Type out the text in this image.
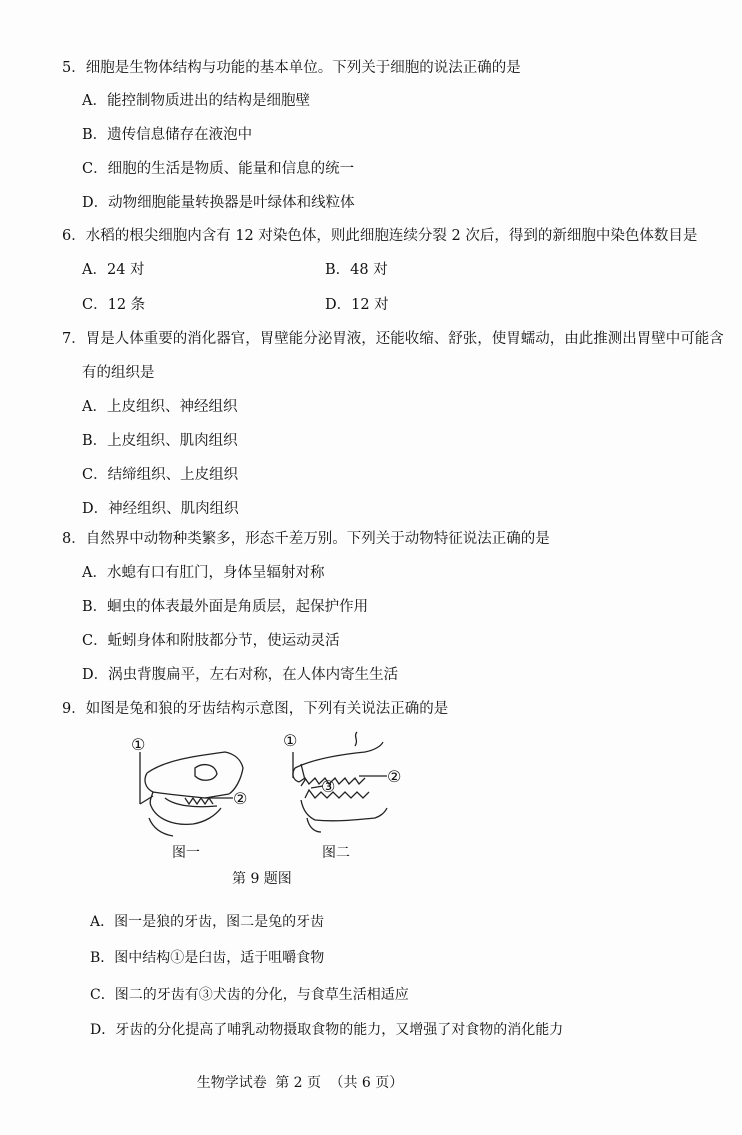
5．细胞是生物体结构与功能的基本单位。下列关于细胞的说法正确的是
A．能控制物质进出的结构是细胞壁
B．遗传信息储存在液泡中
C．细胞的生活是物质、能量和信息的统一
D．动物细胞能量转换器是叶绿体和线粒体
6．水稻的根尖细胞内含有 12 对染色体，则此细胞连续分裂 2 次后，得到的新细胞中染色体数目是
A．24 对	B．48 对
C．12 条	D．12 对
7．胃是人体重要的消化器官，胃壁能分泌胃液，还能收缩、舒张，使胃蠕动，由此推测出胃壁中可能含
有的组织是
A．上皮组织、神经组织
B．上皮组织、肌肉组织
C．结缔组织、上皮组织
D．神经组织、肌肉组织
8．自然界中动物种类繁多，形态千差万别。下列关于动物特征说法正确的是
A．水螅有口有肛门，身体呈辐射对称
B．蛔虫的体表最外面是角质层，起保护作用
C．蚯蚓身体和附肢都分节，使运动灵活
D．涡虫背腹扁平，左右对称，在人体内寄生生活
9．如图是兔和狼的牙齿结构示意图，下列有关说法正确的是
①
②
①
②
③
图一	图二
第 9 题图
A．图一是狼的牙齿，图二是兔的牙齿
B．图中结构①是臼齿，适于咀嚼食物
C．图二的牙齿有③犬齿的分化，与食草生活相适应
D．牙齿的分化提高了哺乳动物摄取食物的能力，又增强了对食物的消化能力
生物学试卷 第 2 页 （共 6 页）
